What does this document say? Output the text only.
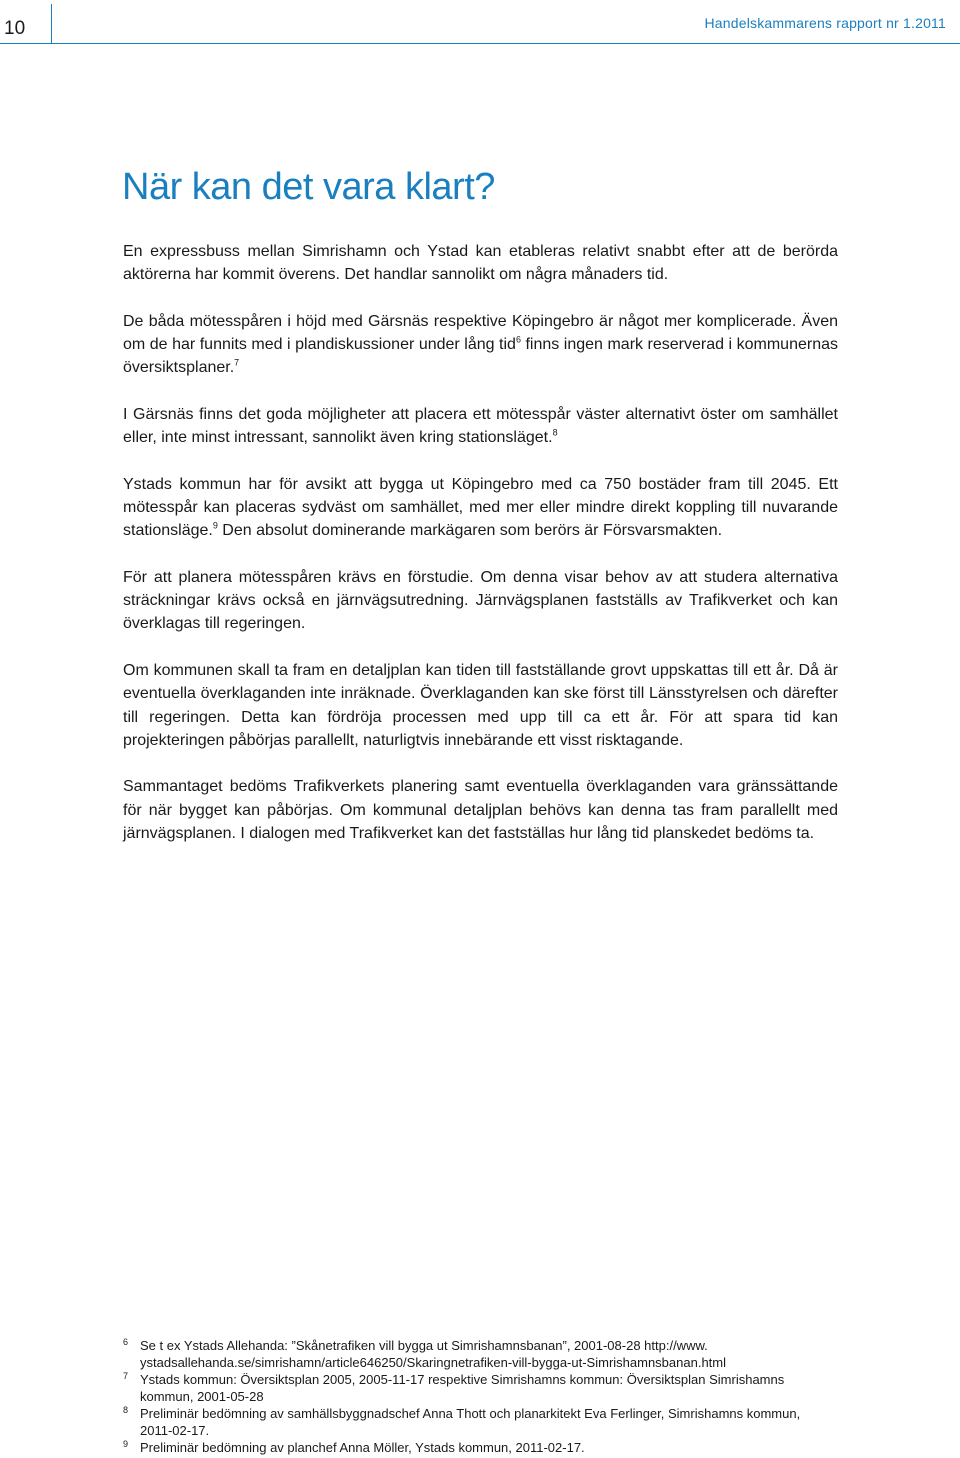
10	Handelskammarens rapport nr 1.2011
När kan det vara klart?

En expressbuss mellan Simrishamn och Ystad kan etableras relativt snabbt efter att de berörda aktörerna har kommit överens. Det handlar sannolikt om några månaders tid.

De båda mötesspåren i höjd med Gärsnäs respektive Köpingebro är något mer komplicerade. Även om de har funnits med i plandiskussioner under lång tid$^6$ finns ingen mark reserverad i kommunernas översiktsplaner.$^7$

I Gärsnäs finns det goda möjligheter att placera ett mötesspår väster alternativt öster om samhället eller, inte minst intressant, sannolikt även kring stationsläget.$^8$

Ystads kommun har för avsikt att bygga ut Köpingebro med ca 750 bostäder fram till 2045. Ett mötesspår kan placeras sydväst om samhället, med mer eller mindre direkt koppling till nuvarande stationsläge.$^9$ Den absolut dominerande markägaren som berörs är Försvarsmakten.

För att planera mötesspåren krävs en förstudie. Om denna visar behov av att studera alternativa sträckningar krävs också en järnvägsutredning. Järnvägsplanen fastställs av Trafikverket och kan överklagas till regeringen.

Om kommunen skall ta fram en detaljplan kan tiden till fastställande grovt uppskattas till ett år. Då är eventuella överklaganden inte inräknade. Överklaganden kan ske först till Länsstyrelsen och därefter till regeringen. Detta kan fördröja processen med upp till ca ett år. För att spara tid kan projekteringen påbörjas parallellt, naturligtvis innebärande ett visst risktagande.

Sammantaget bedöms Trafikverkets planering samt eventuella överklaganden vara gränssättande för när bygget kan påbörjas. Om kommunal detaljplan behövs kan denna tas fram parallellt med järnvägsplanen. I dialogen med Trafikverket kan det fastställas hur lång tid planskedet bedöms ta.

6 Se t ex Ystads Allehanda: ”Skånetrafiken vill bygga ut Simrishamnsbanan”, 2001-08-28 http://www. ystadsallehanda.se/simrishamn/article646250/Skaringnetrafiken-vill-bygga-ut-Simrishamnsbanan.html
7 Ystads kommun: Översiktsplan 2005, 2005-11-17 respektive Simrishamns kommun: Översiktsplan Simrishamns kommun, 2001-05-28
8 Preliminär bedömning av samhällsbyggnadschef Anna Thott och planarkitekt Eva Ferlinger, Simrishamns kommun, 2011-02-17.
9 Preliminär bedömning av planchef Anna Möller, Ystads kommun, 2011-02-17.
